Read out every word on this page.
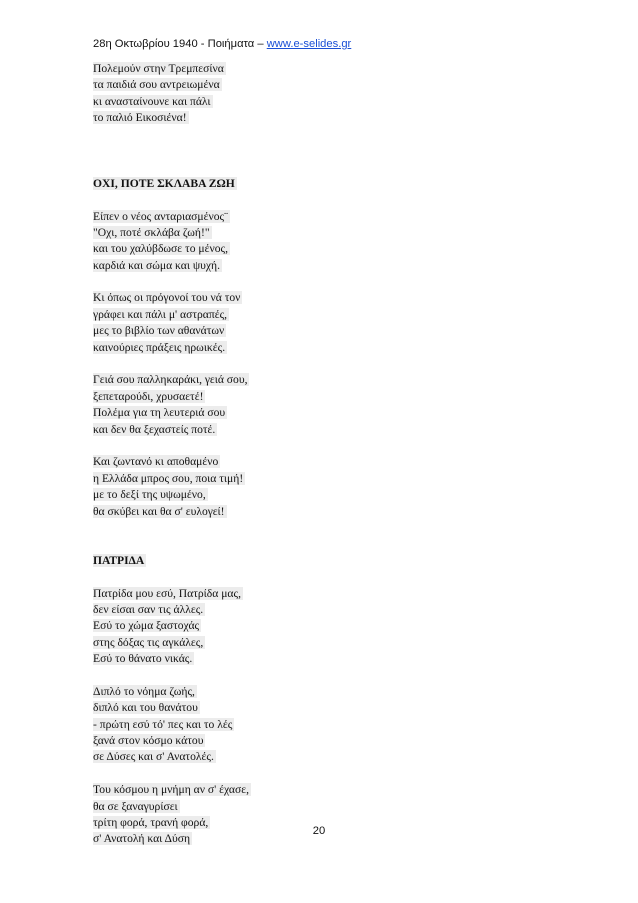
28η Οκτωβρίου 1940 - Ποιήματα – www.e-selides.gr
Πολεμούν στην Τρεμπεσίνα
τα παιδιά σου αντρειωμένα
κι ανασταίνουνε και πάλι
το παλιό Εικοσιένα!
ΟΧΙ, ΠΟΤΕ ΣΚΛΑΒΑ ΖΩΗ
Είπεν ο νέος ανταριασμένος¨
"Οχι, ποτέ σκλάβα ζωή!"
και του χαλύβδωσε το μένος,
καρδιά και σώμα και ψυχή.
Κι όπως οι πρόγονοί του νά τον
γράφει και πάλι μ' αστραπές,
μες το βιβλίο των αθανάτων
καινούριες πράξεις ηρωικές.
Γειά σου παλληκαράκι, γειά σου,
ξεπεταρούδι, χρυσαετέ!
Πολέμα για τη λευτεριά σου
και δεν θα ξεχαστείς ποτέ.
Και ζωντανό κι αποθαμένο
η Ελλάδα μπρος σου, ποια τιμή!
με το δεξί της υψωμένο,
θα σκύβει και θα σ' ευλογεί!
ΠΑΤΡΙΔΑ
Πατρίδα μου εσύ, Πατρίδα μας,
δεν είσαι σαν τις άλλες.
Εσύ το χώμα ξαστοχάς
στης δόξας τις αγκάλες,
Εσύ το θάνατο νικάς.
Διπλό το νόημα ζωής,
διπλό και του θανάτου
- πρώτη εσύ τό' πες και το λές
ξανά στον κόσμο κάτου
σε Δύσες και σ' Ανατολές.
Του κόσμου η μνήμη αν σ' έχασε,
θα σε ξαναγυρίσει
τρίτη φορά, τρανή φορά,
σ' Ανατολή και Δύση
20
